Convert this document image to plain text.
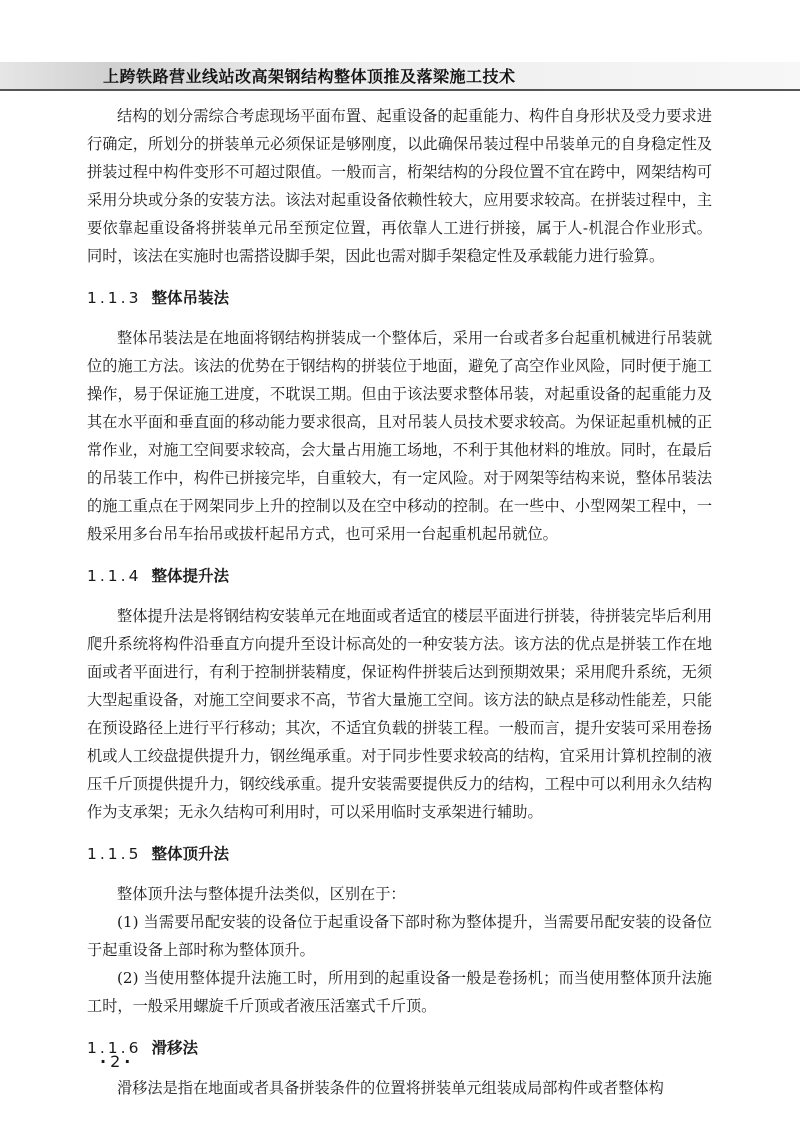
上跨铁路营业线站改高架钢结构整体顶推及落梁施工技术

结构的划分需综合考虑现场平面布置、起重设备的起重能力、构件自身形状及受力要求进行确定，所划分的拼装单元必须保证是够刚度，以此确保吊装过程中吊装单元的自身稳定性及拼装过程中构件变形不可超过限值。一般而言，桁架结构的分段位置不宜在跨中，网架结构可采用分块或分条的安装方法。该法对起重设备依赖性较大，应用要求较高。在拼装过程中，主要依靠起重设备将拼装单元吊至预定位置，再依靠人工进行拼接，属于人-机混合作业形式。同时，该法在实施时也需搭设脚手架，因此也需对脚手架稳定性及承载能力进行验算。

1.1.3 整体吊装法

整体吊装法是在地面将钢结构拼装成一个整体后，采用一台或者多台起重机械进行吊装就位的施工方法。该法的优势在于钢结构的拼装位于地面，避免了高空作业风险，同时便于施工操作，易于保证施工进度，不耽误工期。但由于该法要求整体吊装，对起重设备的起重能力及其在水平面和垂直面的移动能力要求很高，且对吊装人员技术要求较高。为保证起重机械的正常作业，对施工空间要求较高，会大量占用施工场地，不利于其他材料的堆放。同时，在最后的吊装工作中，构件已拼接完毕，自重较大，有一定风险。对于网架等结构来说，整体吊装法的施工重点在于网架同步上升的控制以及在空中移动的控制。在一些中、小型网架工程中，一般采用多台吊车抬吊或拔杆起吊方式，也可采用一台起重机起吊就位。

1.1.4 整体提升法

整体提升法是将钢结构安装单元在地面或者适宜的楼层平面进行拼装，待拼装完毕后利用爬升系统将构件沿垂直方向提升至设计标高处的一种安装方法。该方法的优点是拼装工作在地面或者平面进行，有利于控制拼装精度，保证构件拼装后达到预期效果；采用爬升系统，无须大型起重设备，对施工空间要求不高，节省大量施工空间。该方法的缺点是移动性能差，只能在预设路径上进行平行移动；其次，不适宜负载的拼装工程。一般而言，提升安装可采用卷扬机或人工绞盘提供提升力，钢丝绳承重。对于同步性要求较高的结构，宜采用计算机控制的液压千斤顶提供提升力，钢绞线承重。提升安装需要提供反力的结构，工程中可以利用永久结构作为支承架；无永久结构可利用时，可以采用临时支承架进行辅助。

1.1.5 整体顶升法

整体顶升法与整体提升法类似，区别在于：

(1) 当需要吊配安装的设备位于起重设备下部时称为整体提升，当需要吊配安装的设备位于起重设备上部时称为整体顶升。

(2) 当使用整体提升法施工时，所用到的起重设备一般是卷扬机；而当使用整体顶升法施工时，一般采用螺旋千斤顶或者液压活塞式千斤顶。

1.1.6 滑移法

滑移法是指在地面或者具备拼装条件的位置将拼装单元组装成局部构件或者整体构

·2·
